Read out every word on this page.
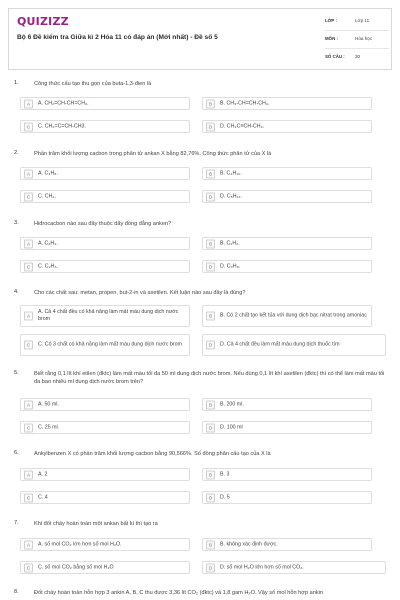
QUIZIZZ
Bộ 6 Đề kiểm tra Giữa kì 2 Hóa 11 có đáp án (Mới nhất) - Đề số 5
LỚP :	Lớp 11
MÔN :	Hóa học
SỐ CÂU : 30
1.	Công thức cấu tạo thu gọn của buta-1,3-đien là
A	A. CH₂=CH-CH=CH₂.	B	B. CH₃-CH=CH-CH₃.
C	C. CH₂=C=CH-CH3.	D	D. CH₃C≡CH-CH₃.
2.	Phần trăm khối lượng cacbon trong phân tử ankan X bằng 82,76%. Công thức phân tử của X là
A	A. C₃H₈.	B	B. C₄H₁₀.
C	C. CH₄.	D	D. C₅H₁₂.
3.	Hiđrocacbon nào sau đây thuộc dãy đồng đẳng anken?
A	A. C₂H₄.	B	B. C₂H₂.
C	C. C₂H₆.	D	D. C₃H₈.
4.	Cho các chất sau: metan, propen, but-2-in và axetilen. Kết luận nào sau đây là đúng?
A
A. Cả 4 chất đều có khả năng làm mất màu dung dịch nước brom	B	B. Có 2 chất tạo kết tủa với dung dịch bạc nitrat trong amoniac
C	C. Có 3 chất có khả năng làm mất màu dung dịch nước brom	D	D. Cả 4 chất đều làm mất màu dung dịch thuốc tím
5.	Biết rằng 0,1 lít khí etilen (đktc) làm mất màu tối đa 50 ml dung dịch nước brom. Nếu dùng 0,1 lít khí axetilen (đktc) thì có thể làm mất màu tối đa bao nhiêu ml dung dịch nước brom trên?
A	A. 50 ml.	B	B. 200 ml.
C	C. 25 ml.	D	D. 100 ml
6.	Ankylbenzen X có phần trăm khối lượng cacbon bằng 90,566%. Số đồng phân cấu tạo của X là
A	A. 2	B	B. 3
C	C. 4	D	D. 5
7.	Khi đốt cháy hoàn toàn một ankan bất kì thì tạo ra
A	A. số mol CO₂ lớn hơn số mol H₂O.	B	B. không xác định được.
C	C. số mol CO₂ bằng số mol H₂O	D	D. số mol H₂O lớn hơn số mol CO₂.
8.	Đốt cháy hoàn toàn hỗn hợp 3 ankin A, B, C thu được 3,36 lít CO₂ (đktc) và 1,8 gam H₂O. Vậy số mol hỗn hợp ankin
